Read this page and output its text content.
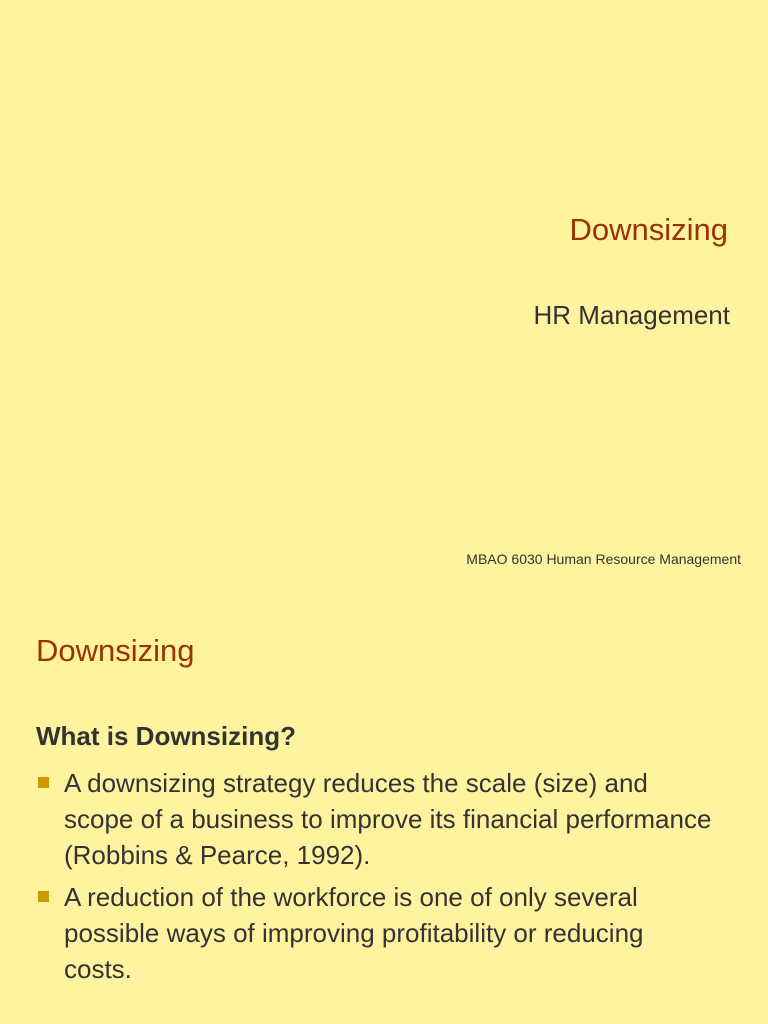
Downsizing
HR Management
MBAO 6030 Human Resource Management
Downsizing
What is Downsizing?
A downsizing strategy reduces the scale (size) and scope of a business to improve its financial performance (Robbins & Pearce, 1992).
A reduction of the workforce is one of only several possible ways of improving profitability or reducing costs.
